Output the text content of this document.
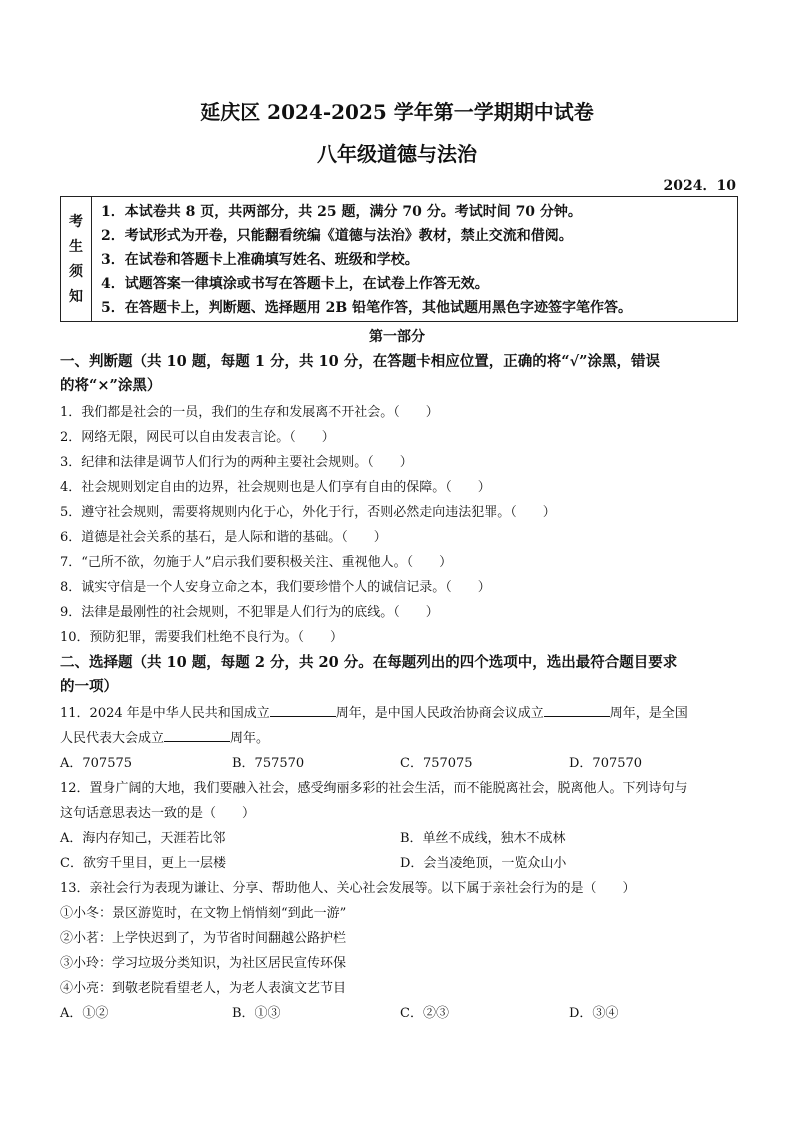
延庆区 2024-2025 学年第一学期期中试卷
八年级道德与法治
2024．10
考
生
须
知
1．本试卷共 8 页，共两部分，共 25 题，满分 70 分。考试时间 70 分钟。
2．考试形式为开卷，只能翻看统编《道德与法治》教材，禁止交流和借阅。
3．在试卷和答题卡上准确填写姓名、班级和学校。
4．试题答案一律填涂或书写在答题卡上，在试卷上作答无效。
5．在答题卡上，判断题、选择题用 2B 铅笔作答，其他试题用黑色字迹签字笔作答。
第一部分
一、判断题（共 10 题，每题 1 分，共 10 分，在答题卡相应位置，正确的将“√”涂黑，错误
的将“×”涂黑）
1．我们都是社会的一员，我们的生存和发展离不开社会。（　　）
2．网络无限，网民可以自由发表言论。（　　）
3．纪律和法律是调节人们行为的两种主要社会规则。（　　）
4．社会规则划定自由的边界，社会规则也是人们享有自由的保障。（　　）
5．遵守社会规则，需要将规则内化于心，外化于行，否则必然走向违法犯罪。（　　）
6．道德是社会关系的基石，是人际和谐的基础。（　　）
7．“己所不欲，勿施于人”启示我们要积极关注、重视他人。（　　）
8．诚实守信是一个人安身立命之本，我们要珍惜个人的诚信记录。（　　）
9．法律是最刚性的社会规则，不犯罪是人们行为的底线。（　　）
10．预防犯罪，需要我们杜绝不良行为。（　　）
二、选择题（共 10 题，每题 2 分，共 20 分。在每题列出的四个选项中，选出最符合题目要求
的一项）
11．2024 年是中华人民共和国成立	周年，是中国人民政治协商会议成立	周年，是全国
人民代表大会成立	周年。
A．707575	B．757570	C．757075	D．707570
12．置身广阔的大地，我们要融入社会，感受绚丽多彩的社会生活，而不能脱离社会，脱离他人。下列诗句与
这句话意思表达一致的是（　　）
A．海内存知己，天涯若比邻	B．单丝不成线，独木不成林
C．欲穷千里目，更上一层楼	D．会当凌绝顶，一览众山小
13．亲社会行为表现为谦让、分享、帮助他人、关心社会发展等。以下属于亲社会行为的是（　　）
①小冬：景区游览时，在文物上悄悄刻“到此一游”
②小茗：上学快迟到了，为节省时间翻越公路护栏
③小玲：学习垃圾分类知识，为社区居民宣传环保
④小亮：到敬老院看望老人，为老人表演文艺节目
A．①②	B．①③	C．②③	D．③④
